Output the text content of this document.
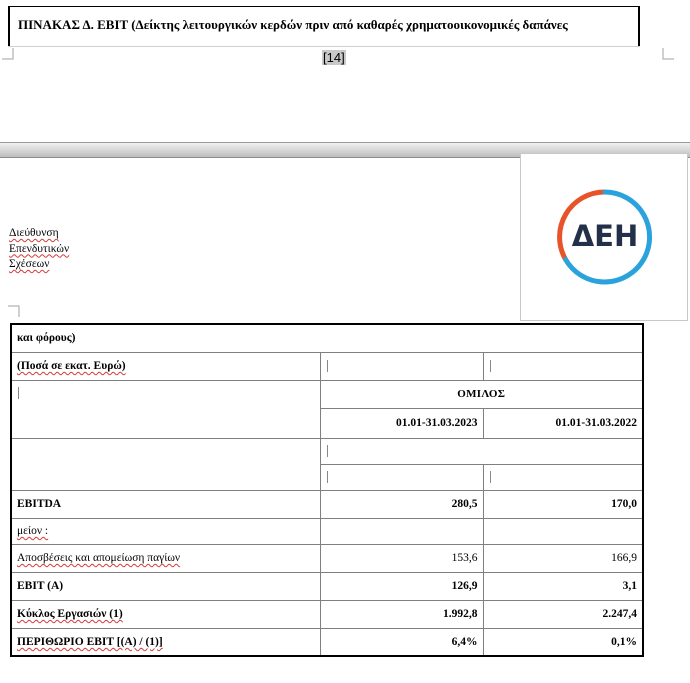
ΠΙΝΑΚΑΣ Δ. EBIT (Δείκτης λειτουργικών κερδών πριν από καθαρές χρηματοοικονομικές δαπάνες
[14]
Διεύθυνση
Επενδυτικών
Σχέσεων
ΔΕΗ
και φόρους)		
(Ποσά σε εκατ. Ευρώ)		
	ΟΜΙΛΟΣ	
	01.01-31.03.2023	01.01-31.03.2022

EBITDA	280,5	170,0
μείον :		
Αποσβέσεις και απομείωση παγίων	153,6	166,9
EBIT (A)	126,9	3,1
Κύκλος Εργασιών (1)	1.992,8	2.247,4
ΠΕΡΙΘΩΡΙΟ EBIT [(A) / (1)]	6,4%	0,1%
